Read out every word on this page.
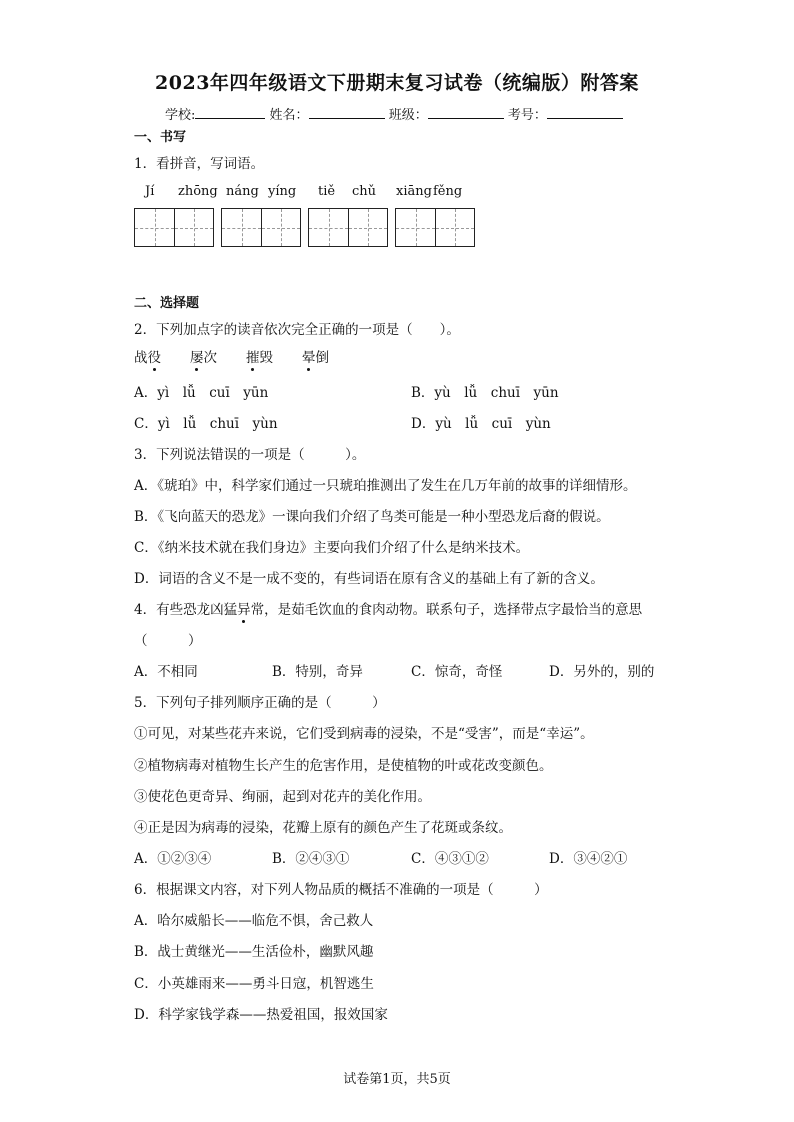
2023年四年级语文下册期末复习试卷（统编版）附答案
学校:	姓名：	班级：	考号：
一、书写
1．看拼音，写词语。
Jí zhōng náng yíng tiě chǔ xiāng fěng
二、选择题
2．下列加点字的读音依次完全正确的一项是（　　）。
战役 屡次 摧毁 晕倒
A．yì　lǚ　cuī　yūn	B．yù　lǚ　chuī　yūn
C．yì　lǚ　chuī　yùn	D．yù　lǚ　cuī　yùn
3．下列说法错误的一项是（　　　）。
A．《琥珀》中，科学家们通过一只琥珀推测出了发生在几万年前的故事的详细情形。
B．《飞向蓝天的恐龙》一课向我们介绍了鸟类可能是一种小型恐龙后裔的假说。
C．《纳米技术就在我们身边》主要向我们介绍了什么是纳米技术。
D．词语的含义不是一成不变的，有些词语在原有含义的基础上有了新的含义。
4．有些恐龙凶猛异常，是茹毛饮血的食肉动物。联系句子，选择带点字最恰当的意思
（　　　）
A．不相同	B．特别，奇异	C．惊奇，奇怪	D．另外的，别的
5．下列句子排列顺序正确的是（　　　）
①可见，对某些花卉来说，它们受到病毒的浸染，不是“受害”，而是“幸运”。
②植物病毒对植物生长产生的危害作用，是使植物的叶或花改变颜色。
③使花色更奇异、绚丽，起到对花卉的美化作用。
④正是因为病毒的浸染，花瓣上原有的颜色产生了花斑或条纹。
A．①②③④	B．②④③①	C．④③①②	D．③④②①
6．根据课文内容，对下列人物品质的概括不准确的一项是（　　　）
A．哈尔威船长——临危不惧，舍己救人
B．战士黄继光——生活俭朴，幽默风趣
C．小英雄雨来——勇斗日寇，机智逃生
D．科学家钱学森——热爱祖国，报效国家
试卷第1页，共5页
